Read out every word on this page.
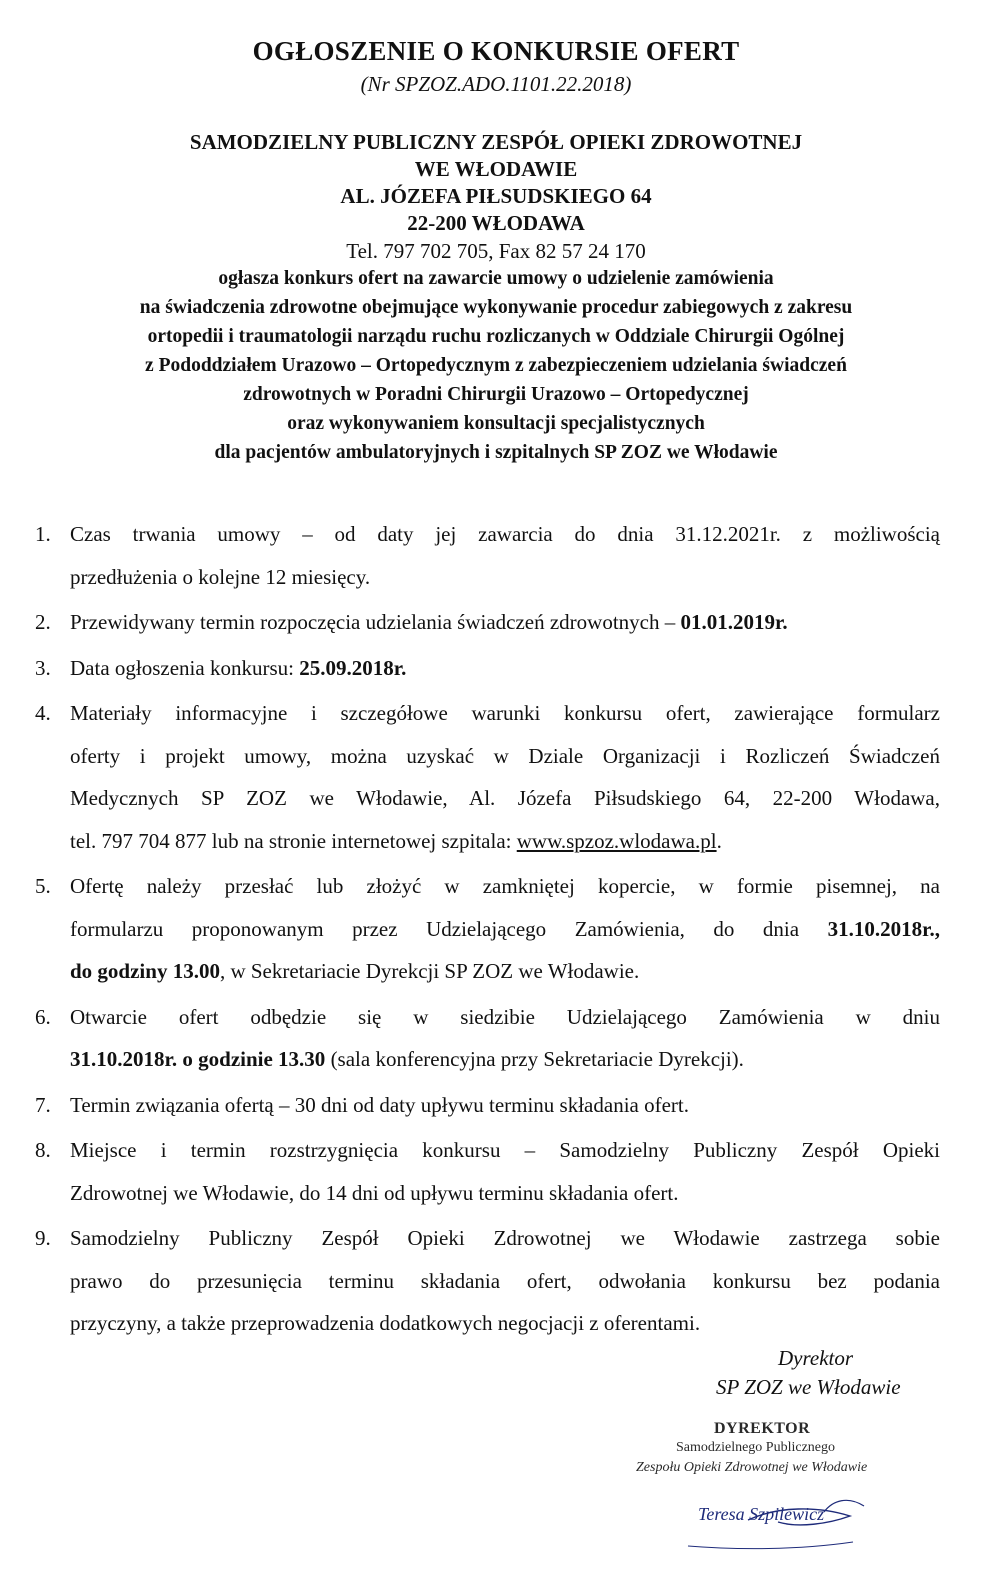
OGŁOSZENIE O KONKURSIE OFERT
(Nr SPZOZ.ADO.1101.22.2018)
SAMODZIELNY PUBLICZNY ZESPÓŁ OPIEKI ZDROWOTNEJ
WE WŁODAWIE
AL. JÓZEFA PIŁSUDSKIEGO 64
22-200 WŁODAWA
Tel. 797 702 705, Fax 82 57 24 170
ogłasza konkurs ofert na zawarcie umowy o udzielenie zamówienia
na świadczenia zdrowotne obejmujące wykonywanie procedur zabiegowych z zakresu
ortopedii i traumatologii narządu ruchu rozliczanych w Oddziale Chirurgii Ogólnej
z Pododdziałem Urazowo – Ortopedycznym z zabezpieczeniem udzielania świadczeń
zdrowotnych w Poradni Chirurgii Urazowo – Ortopedycznej
oraz wykonywaniem konsultacji specjalistycznych
dla pacjentów ambulatoryjnych i szpitalnych SP ZOZ we Włodawie
1. Czas trwania umowy – od daty jej zawarcia do dnia 31.12.2021r. z możliwością
przedłużenia o kolejne 12 miesięcy.
2. Przewidywany termin rozpoczęcia udzielania świadczeń zdrowotnych – 01.01.2019r.
3. Data ogłoszenia konkursu: 25.09.2018r.
4. Materiały informacyjne i szczegółowe warunki konkursu ofert, zawierające formularz
oferty i projekt umowy, można uzyskać w Dziale Organizacji i Rozliczeń Świadczeń
Medycznych SP ZOZ we Włodawie, Al. Józefa Piłsudskiego 64, 22-200 Włodawa,
tel. 797 704 877 lub na stronie internetowej szpitala: www.spzoz.wlodawa.pl.
5. Ofertę należy przesłać lub złożyć w zamkniętej kopercie, w formie pisemnej, na
formularzu proponowanym przez Udzielającego Zamówienia, do dnia 31.10.2018r.,
do godziny 13.00, w Sekretariacie Dyrekcji SP ZOZ we Włodawie.
6. Otwarcie ofert odbędzie się w siedzibie Udzielającego Zamówienia w dniu
31.10.2018r. o godzinie 13.30 (sala konferencyjna przy Sekretariacie Dyrekcji).
7. Termin związania ofertą – 30 dni od daty upływu terminu składania ofert.
8. Miejsce i termin rozstrzygnięcia konkursu – Samodzielny Publiczny Zespół Opieki
Zdrowotnej we Włodawie, do 14 dni od upływu terminu składania ofert.
9. Samodzielny Publiczny Zespół Opieki Zdrowotnej we Włodawie zastrzega sobie
prawo do przesunięcia terminu składania ofert, odwołania konkursu bez podania
przyczyny, a także przeprowadzenia dodatkowych negocjacji z oferentami.
Dyrektor
SP ZOZ we Włodawie
DYREKTOR
Samodzielnego Publicznego
Zespołu Opieki Zdrowotnej we Włodawie
Teresa Szpilewicz
